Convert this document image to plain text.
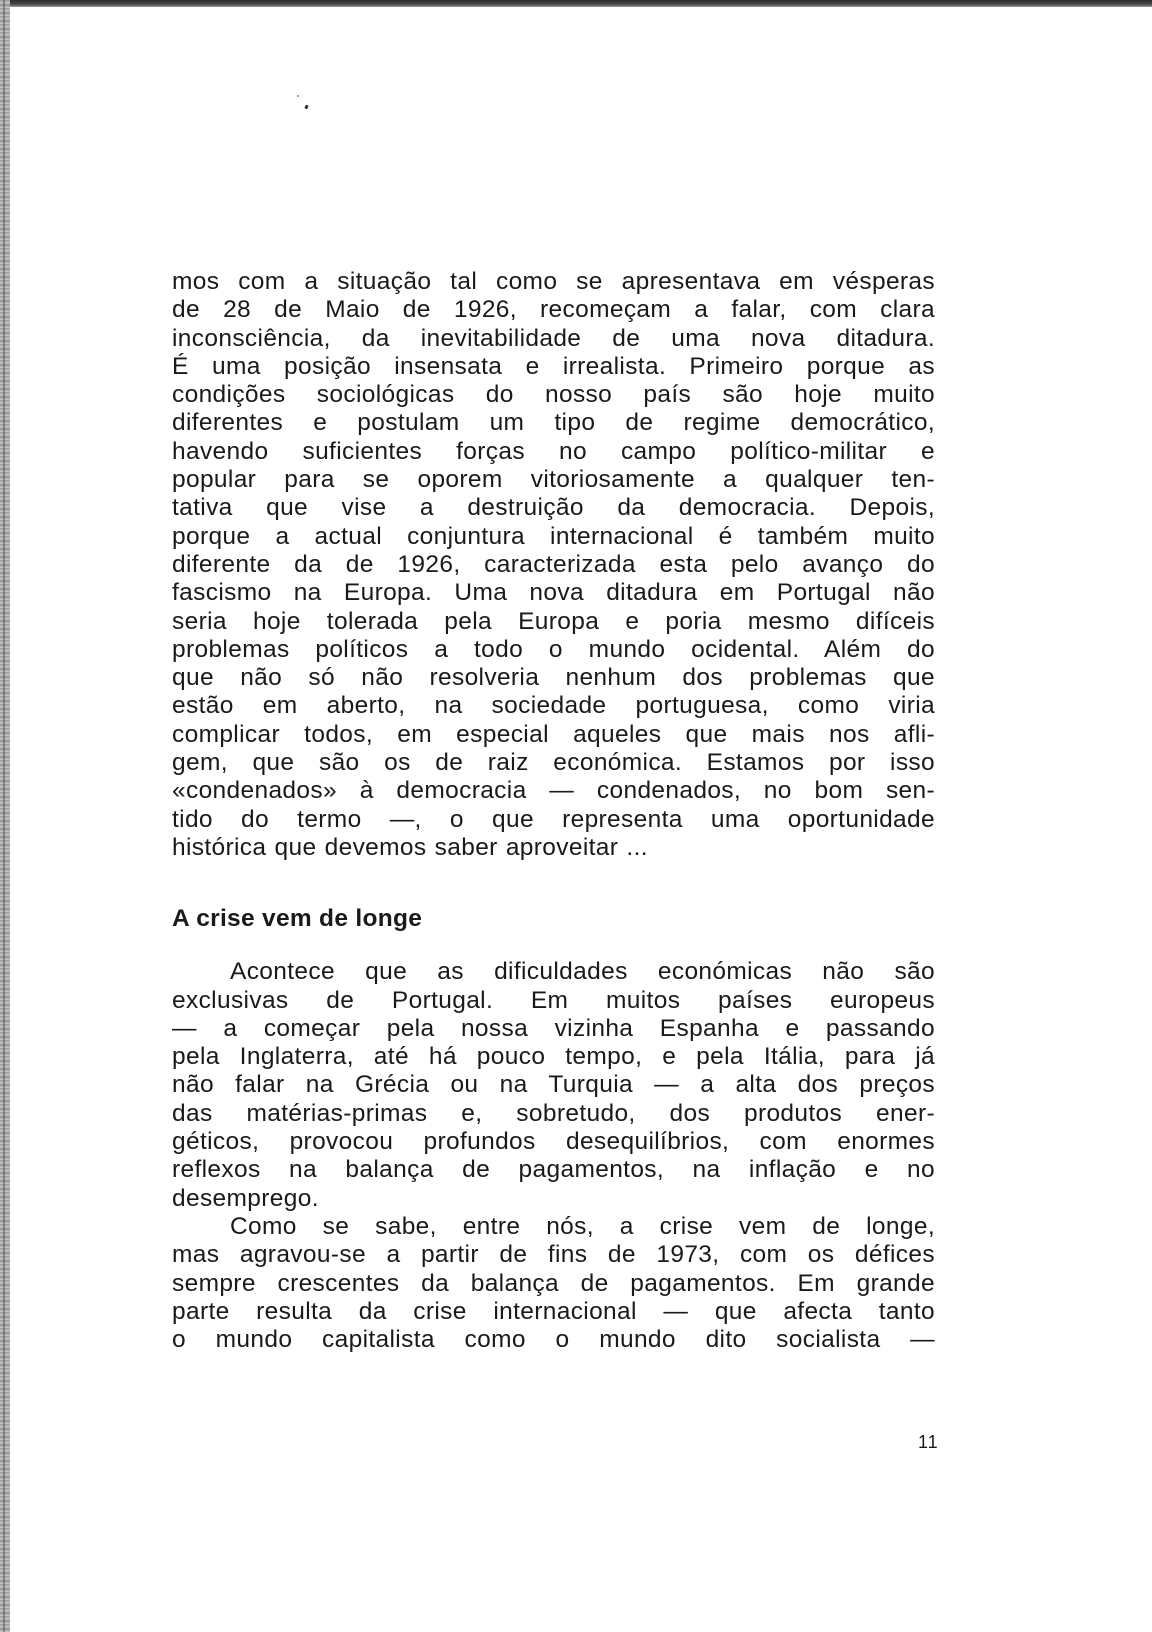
mos com a situação tal como se apresentava em vésperas
de 28 de Maio de 1926, recomeçam a falar, com clara
inconsciência, da inevitabilidade de uma nova ditadura.
É uma posição insensata e irrealista. Primeiro porque as
condições sociológicas do nosso país são hoje muito
diferentes e postulam um tipo de regime democrático,
havendo suficientes forças no campo político-militar e
popular para se oporem vitoriosamente a qualquer ten-
tativa que vise a destruição da democracia. Depois,
porque a actual conjuntura internacional é também muito
diferente da de 1926, caracterizada esta pelo avanço do
fascismo na Europa. Uma nova ditadura em Portugal não
seria hoje tolerada pela Europa e poria mesmo difíceis
problemas políticos a todo o mundo ocidental. Além do
que não só não resolveria nenhum dos problemas que
estão em aberto, na sociedade portuguesa, como viria
complicar todos, em especial aqueles que mais nos afli-
gem, que são os de raiz económica. Estamos por isso
«condenados» à democracia — condenados, no bom sen-
tido do termo —, o que representa uma oportunidade
histórica que devemos saber aproveitar ...

A crise vem de longe

Acontece que as dificuldades económicas não são
exclusivas de Portugal. Em muitos países europeus
— a começar pela nossa vizinha Espanha e passando
pela Inglaterra, até há pouco tempo, e pela Itália, para já
não falar na Grécia ou na Turquia — a alta dos preços
das matérias-primas e, sobretudo, dos produtos ener-
géticos, provocou profundos desequilíbrios, com enormes
reflexos na balança de pagamentos, na inflação e no
desemprego.

Como se sabe, entre nós, a crise vem de longe,
mas agravou-se a partir de fins de 1973, com os défices
sempre crescentes da balança de pagamentos. Em grande
parte resulta da crise internacional — que afecta tanto
o mundo capitalista como o mundo dito socialista —

11
